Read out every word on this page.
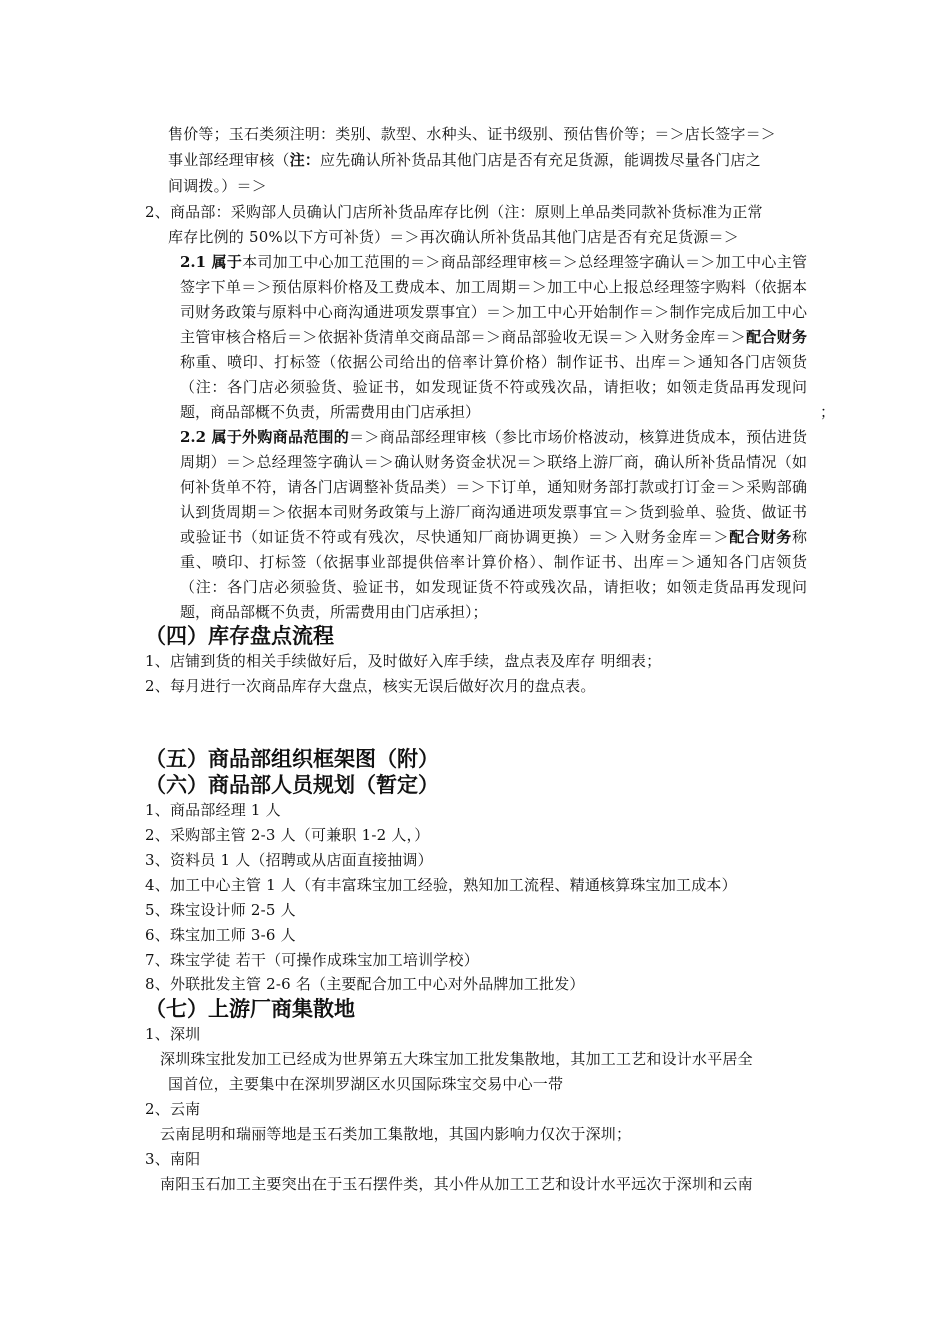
售价等；玉石类须注明：类别、款型、水种头、证书级别、预估售价等；＝＞店长签字＝＞
事业部经理审核（注：应先确认所补货品其他门店是否有充足货源，能调拨尽量各门店之
间调拨。）＝＞
2、商品部：采购部人员确认门店所补货品库存比例（注：原则上单品类同款补货标准为正常
库存比例的 50%以下方可补货）＝＞再次确认所补货品其他门店是否有充足货源＝＞
2.1 属于本司加工中心加工范围的＝＞商品部经理审核＝＞总经理签字确认＝＞加工中心主管签字下单＝＞预估原料价格及工费成本、加工周期＝＞加工中心上报总经理签字购料（依据本司财务政策与原料中心商沟通进项发票事宜）＝＞加工中心开始制作＝＞制作完成后加工中心主管审核合格后＝＞依据补货清单交商品部＝＞商品部验收无误＝＞入财务金库＝＞配合财务称重、喷印、打标签（依据公司给出的倍率计算价格）制作证书、出库＝＞通知各门店领货（注：各门店必须验货、验证书，如发现证货不符或残次品，请拒收；如领走货品再发现问题，商品部概不负责，所需费用由门店承担）	；
2.2 属于外购商品范围的＝＞商品部经理审核（参比市场价格波动，核算进货成本，预估进货周期）＝＞总经理签字确认＝＞确认财务资金状况＝＞联络上游厂商，确认所补货品情况（如何补货单不符，请各门店调整补货品类）＝＞下订单，通知财务部打款或打订金＝＞采购部确认到货周期＝＞依据本司财务政策与上游厂商沟通进项发票事宜＝＞货到验单、验货、做证书或验证书（如证货不符或有残次，尽快通知厂商协调更换）＝＞入财务金库＝＞配合财务称重、喷印、打标签（依据事业部提供倍率计算价格）、制作证书、出库＝＞通知各门店领货（注：各门店必须验货、验证书，如发现证货不符或残次品，请拒收；如领走货品再发现问题，商品部概不负责，所需费用由门店承担）；
（四）库存盘点流程
1、店铺到货的相关手续做好后，及时做好入库手续，盘点表及库存 明细表；
2、每月进行一次商品库存大盘点，核实无误后做好次月的盘点表。
（五）商品部组织框架图（附）
（六）商品部人员规划（暂定）
1、商品部经理 1 人
2、采购部主管 2-3 人（可兼职 1-2 人，）
3、资料员 1 人（招聘或从店面直接抽调）
4、加工中心主管 1 人（有丰富珠宝加工经验，熟知加工流程、精通核算珠宝加工成本）
5、珠宝设计师 2-5 人
6、珠宝加工师 3-6 人
7、珠宝学徒 若干（可操作成珠宝加工培训学校）
8、外联批发主管 2-6 名（主要配合加工中心对外品牌加工批发）
（七）上游厂商集散地
1、深圳
深圳珠宝批发加工已经成为世界第五大珠宝加工批发集散地，其加工工艺和设计水平居全
国首位，主要集中在深圳罗湖区水贝国际珠宝交易中心一带
2、云南
云南昆明和瑞丽等地是玉石类加工集散地，其国内影响力仅次于深圳；
3、南阳
南阳玉石加工主要突出在于玉石摆件类，其小件从加工工艺和设计水平远次于深圳和云南
